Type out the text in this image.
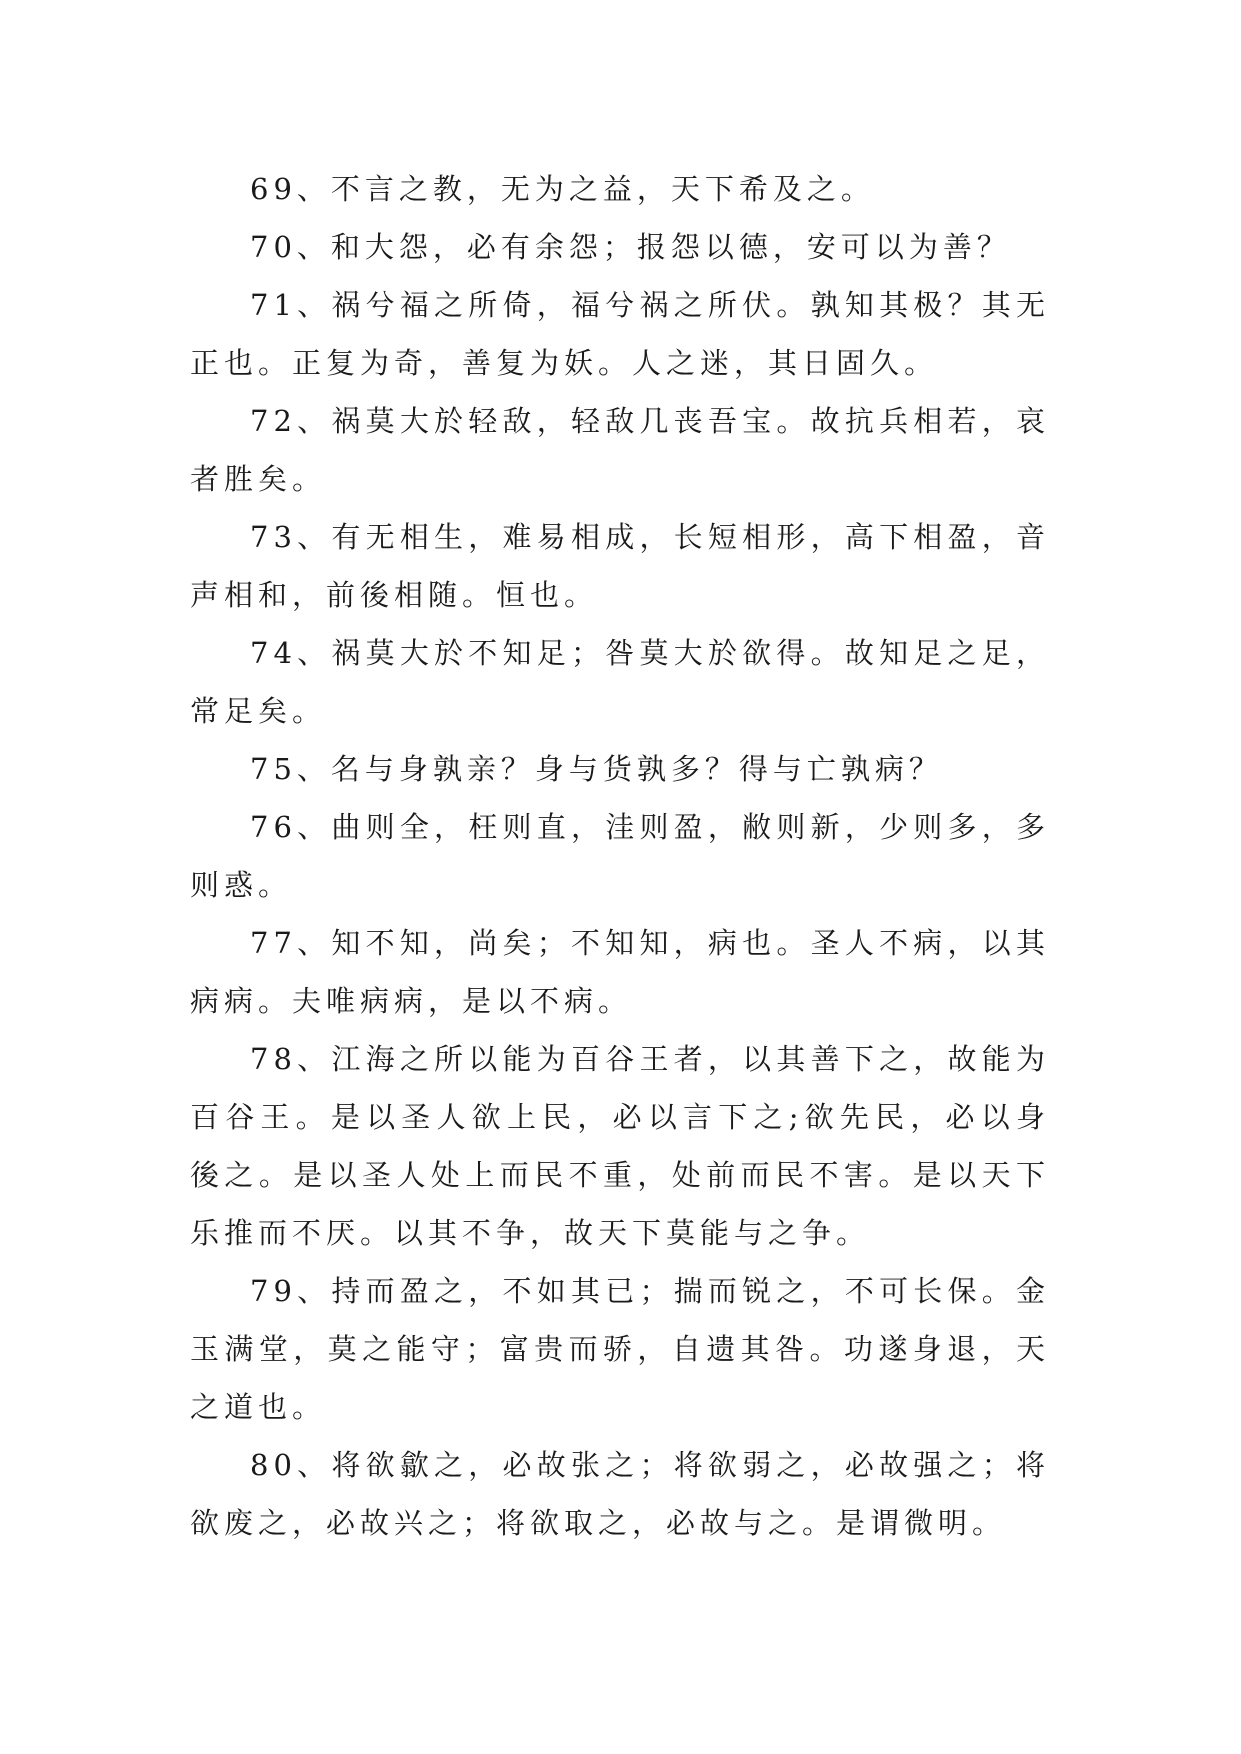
69、不言之教，无为之益，天下希及之。

70、和大怨，必有余怨；报怨以德，安可以为善？

71、祸兮福之所倚，福兮祸之所伏。孰知其极？其无正也。正复为奇，善复为妖。人之迷，其日固久。

72、祸莫大於轻敌，轻敌几丧吾宝。故抗兵相若，哀者胜矣。

73、有无相生，难易相成，长短相形，高下相盈，音声相和，前後相随。恒也。

74、祸莫大於不知足；咎莫大於欲得。故知足之足，常足矣。

75、名与身孰亲？身与货孰多？得与亡孰病？

76、曲则全，枉则直，洼则盈，敝则新，少则多，多则惑。

77、知不知，尚矣；不知知，病也。圣人不病，以其病病。夫唯病病，是以不病。

78、江海之所以能为百谷王者，以其善下之，故能为百谷王。是以圣人欲上民，必以言下之;欲先民，必以身後之。是以圣人处上而民不重，处前而民不害。是以天下乐推而不厌。以其不争，故天下莫能与之争。

79、持而盈之，不如其已；揣而锐之，不可长保。金玉满堂，莫之能守；富贵而骄，自遗其咎。功遂身退，天之道也。

80、将欲歙之，必故张之；将欲弱之，必故强之；将欲废之，必故兴之；将欲取之，必故与之。是谓微明。
